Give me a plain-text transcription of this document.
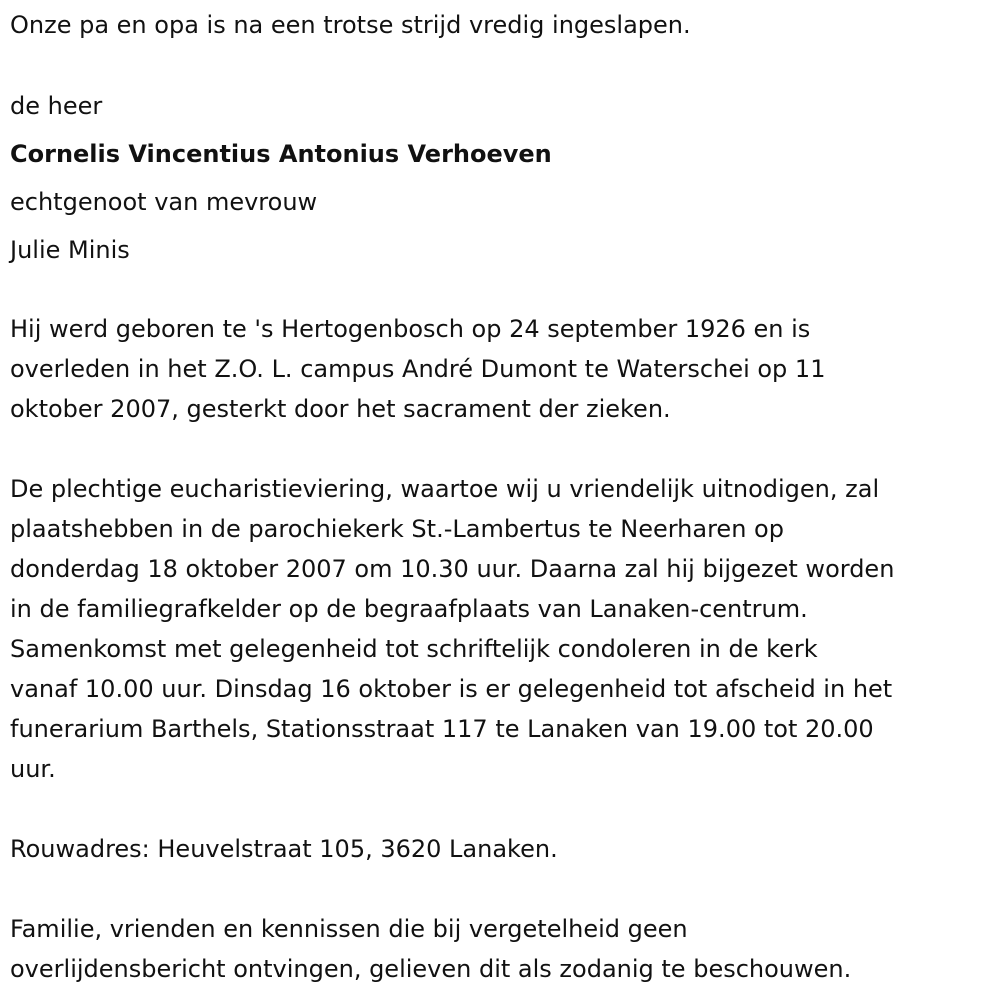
Onze pa en opa is na een trotse strijd vredig ingeslapen.

de heer

Cornelis Vincentius Antonius Verhoeven

echtgenoot van mevrouw

Julie Minis

Hij werd geboren te 's Hertogenbosch op 24 september 1926 en is

overleden in het Z.O. L. campus André Dumont te Waterschei op 11

oktober 2007, gesterkt door het sacrament der zieken.

De plechtige eucharistieviering, waartoe wij u vriendelijk uitnodigen, zal

plaatshebben in de parochiekerk St.-Lambertus te Neerharen op

donderdag 18 oktober 2007 om 10.30 uur. Daarna zal hij bijgezet worden

in de familiegrafkelder op de begraafplaats van Lanaken-centrum.

Samenkomst met gelegenheid tot schriftelijk condoleren in de kerk

vanaf 10.00 uur. Dinsdag 16 oktober is er gelegenheid tot afscheid in het

funerarium Barthels, Stationsstraat 117 te Lanaken van 19.00 tot 20.00

uur.

Rouwadres: Heuvelstraat 105, 3620 Lanaken.

Familie, vrienden en kennissen die bij vergetelheid geen

overlijdensbericht ontvingen, gelieven dit als zodanig te beschouwen.
